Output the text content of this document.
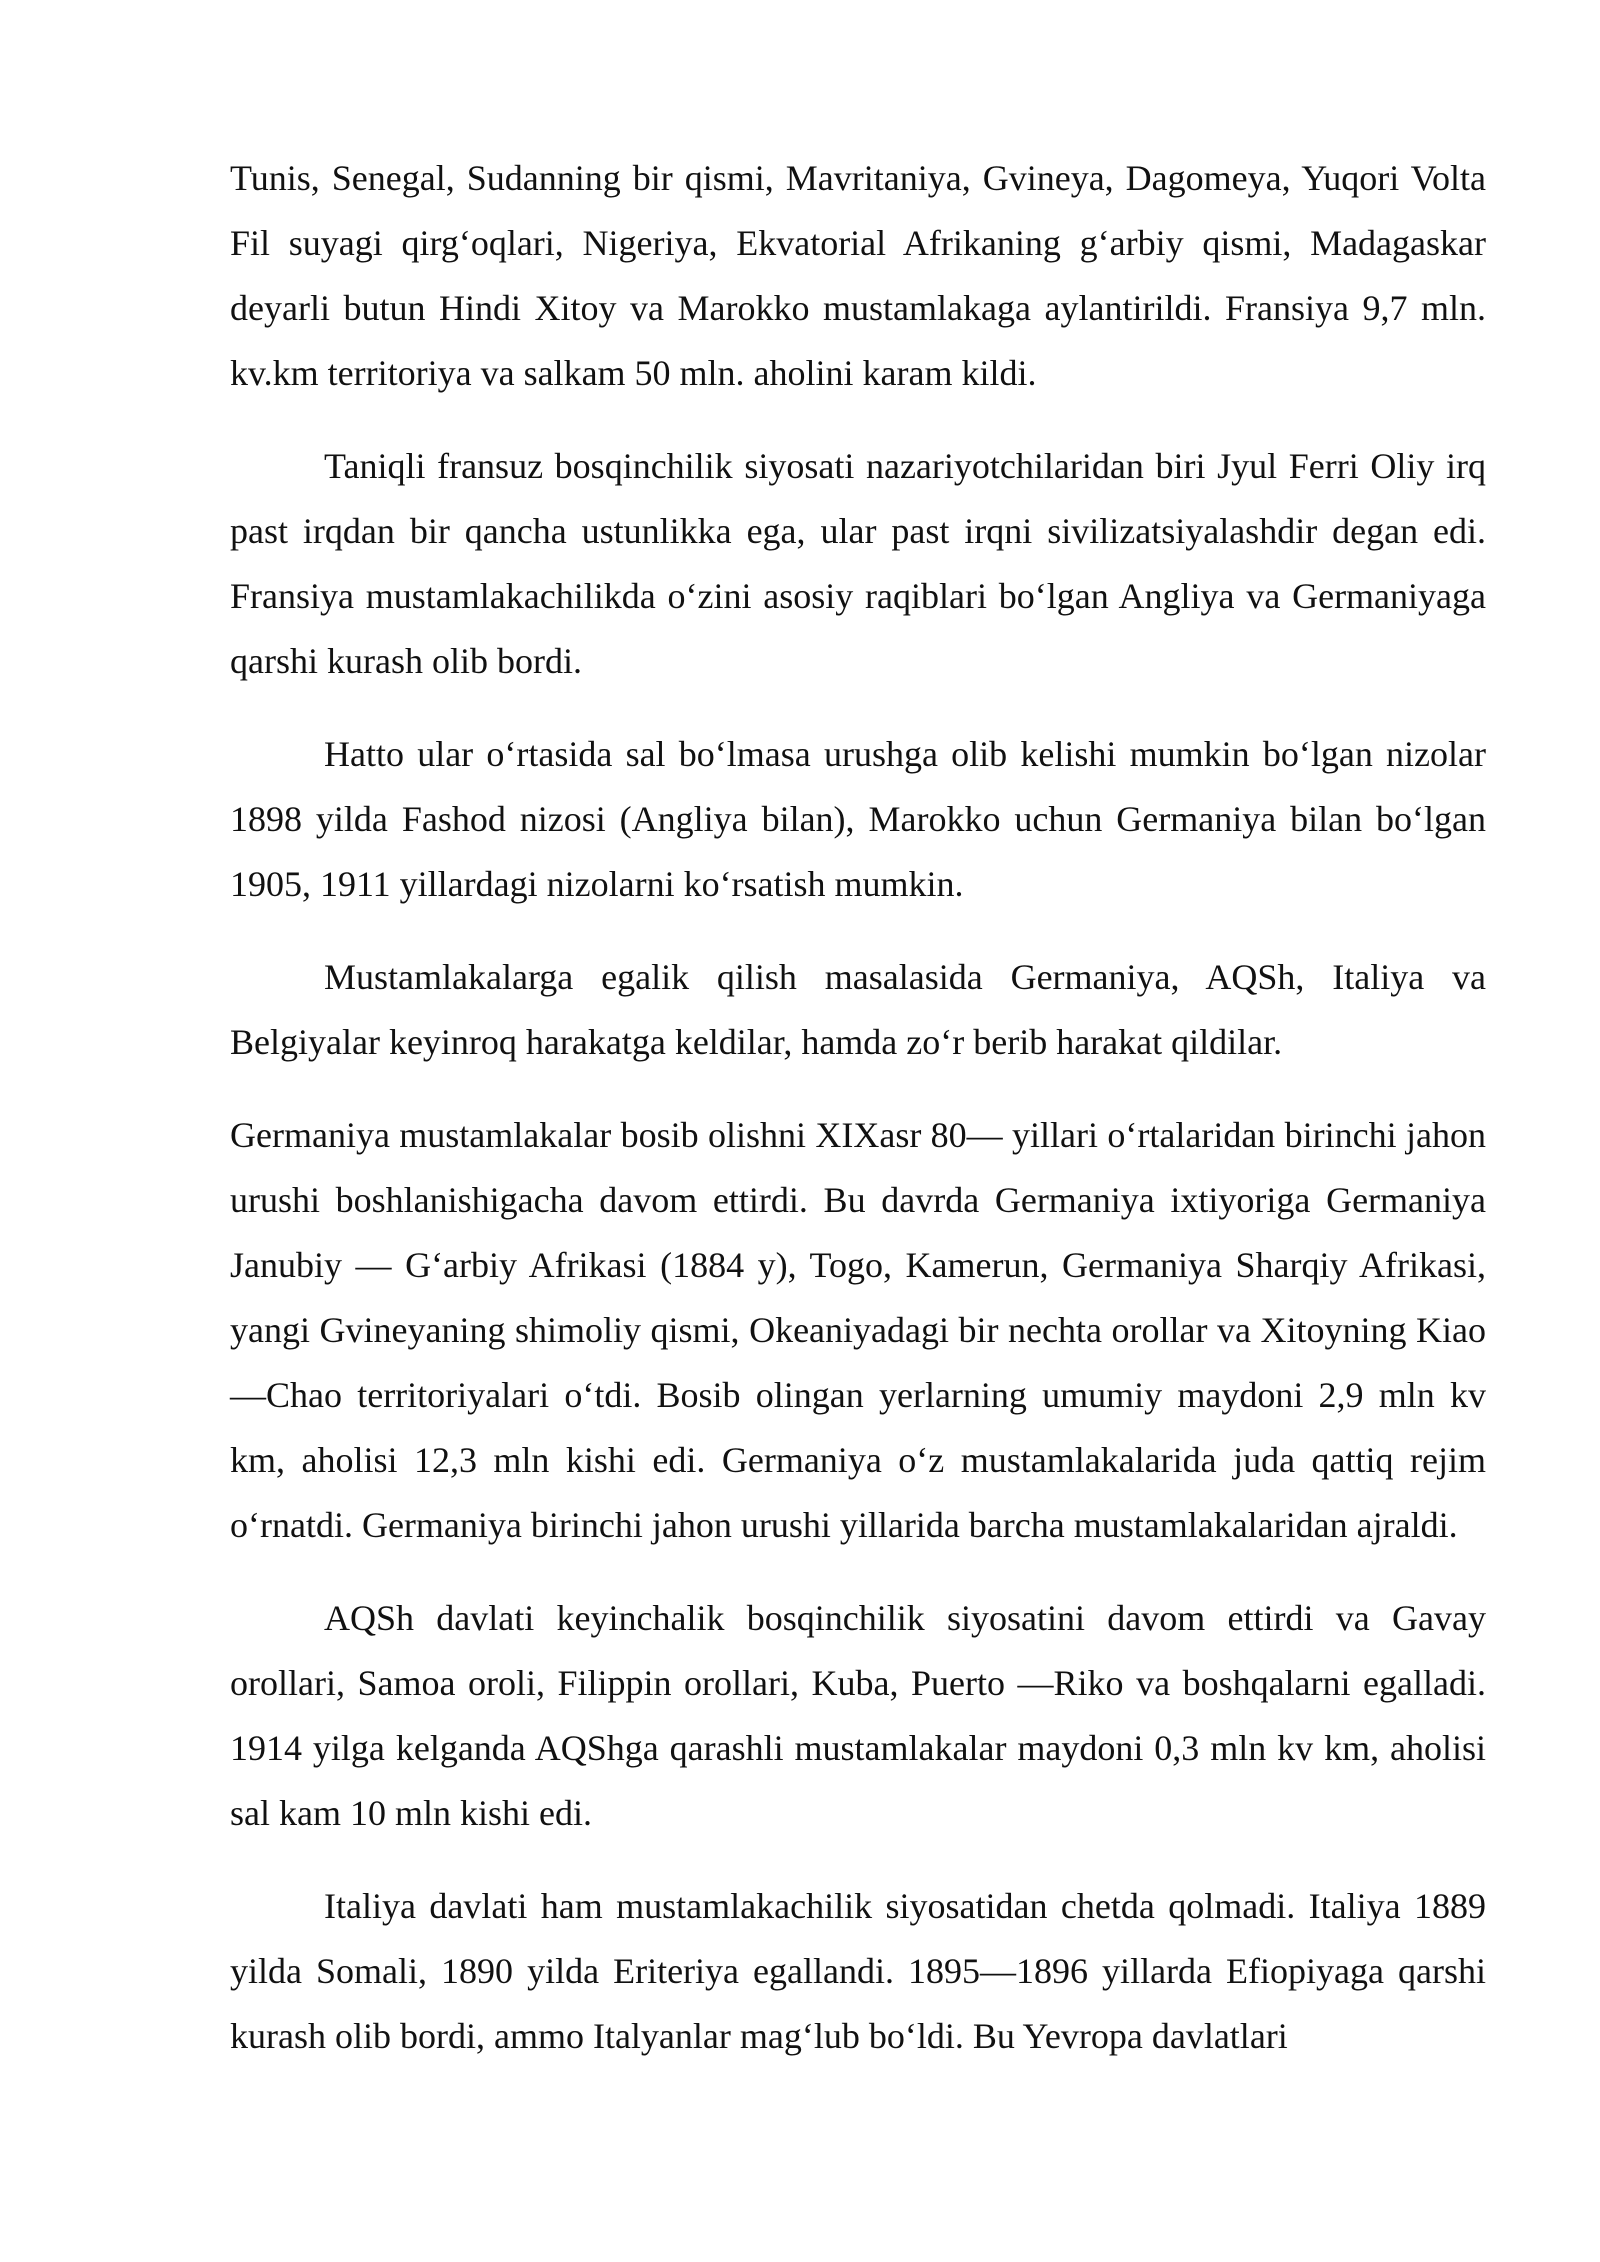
Tunis, Senegal, Sudanning bir qismi, Mavritaniya, Gvineya, Dagomeya, Yuqori Volta Fil suyagi qirg‘oqlari, Nigeriya, Ekvatorial Afrikaning g‘arbiy qismi, Madagaskar deyarli butun Hindi Xitoy va Marokko mustamlakaga aylantirildi. Fransiya 9,7 mln. kv.km territoriya va salkam 50 mln. aholini karam kildi.

Taniqli fransuz bosqinchilik siyosati nazariyotchilaridan biri Jyul Ferri Oliy irq past irqdan bir qancha ustunlikka ega, ular past irqni sivilizatsiyalashdir degan edi. Fransiya mustamlakachilikda o‘zini asosiy raqiblari bo‘lgan Angliya va Germaniyaga qarshi kurash olib bordi.

Hatto ular o‘rtasida sal bo‘lmasa urushga olib kelishi mumkin bo‘lgan nizolar 1898 yilda Fashod nizosi (Angliya bilan), Marokko uchun Germaniya bilan bo‘lgan 1905, 1911 yillardagi nizolarni ko‘rsatish mumkin.

Mustamlakalarga egalik qilish masalasida Germaniya, AQSh, Italiya va Belgiyalar keyinroq harakatga keldilar, hamda zo‘r berib harakat qildilar.

Germaniya mustamlakalar bosib olishni XIXasr 80— yillari o‘rtalaridan birinchi jahon urushi boshlanishigacha davom ettirdi. Bu davrda Germaniya ixtiyoriga Germaniya Janubiy — G‘arbiy Afrikasi (1884 y), Togo, Kamerun, Germaniya Sharqiy Afrikasi, yangi Gvineyaning shimoliy qismi, Okeaniyadagi bir nechta orollar va Xitoyning Kiao —Chao territoriyalari o‘tdi. Bosib olingan yerlarning umumiy maydoni 2,9 mln kv km, aholisi 12,3 mln kishi edi. Germaniya o‘z mustamlakalarida juda qattiq rejim o‘rnatdi. Germaniya birinchi jahon urushi yillarida barcha mustamlakalaridan ajraldi.

AQSh davlati keyinchalik bosqinchilik siyosatini davom ettirdi va Gavay orollari, Samoa oroli, Filippin orollari, Kuba, Puerto —Riko va boshqalarni egalladi. 1914 yilga kelganda AQShga qarashli mustamlakalar maydoni 0,3 mln kv km, aholisi sal kam 10 mln kishi edi.

Italiya davlati ham mustamlakachilik siyosatidan chetda qolmadi. Italiya 1889 yilda Somali, 1890 yilda Eriteriya egallandi. 1895—1896 yillarda Efiopiyaga qarshi kurash olib bordi, ammo Italyanlar mag‘lub bo‘ldi. Bu Yevropa davlatlari
